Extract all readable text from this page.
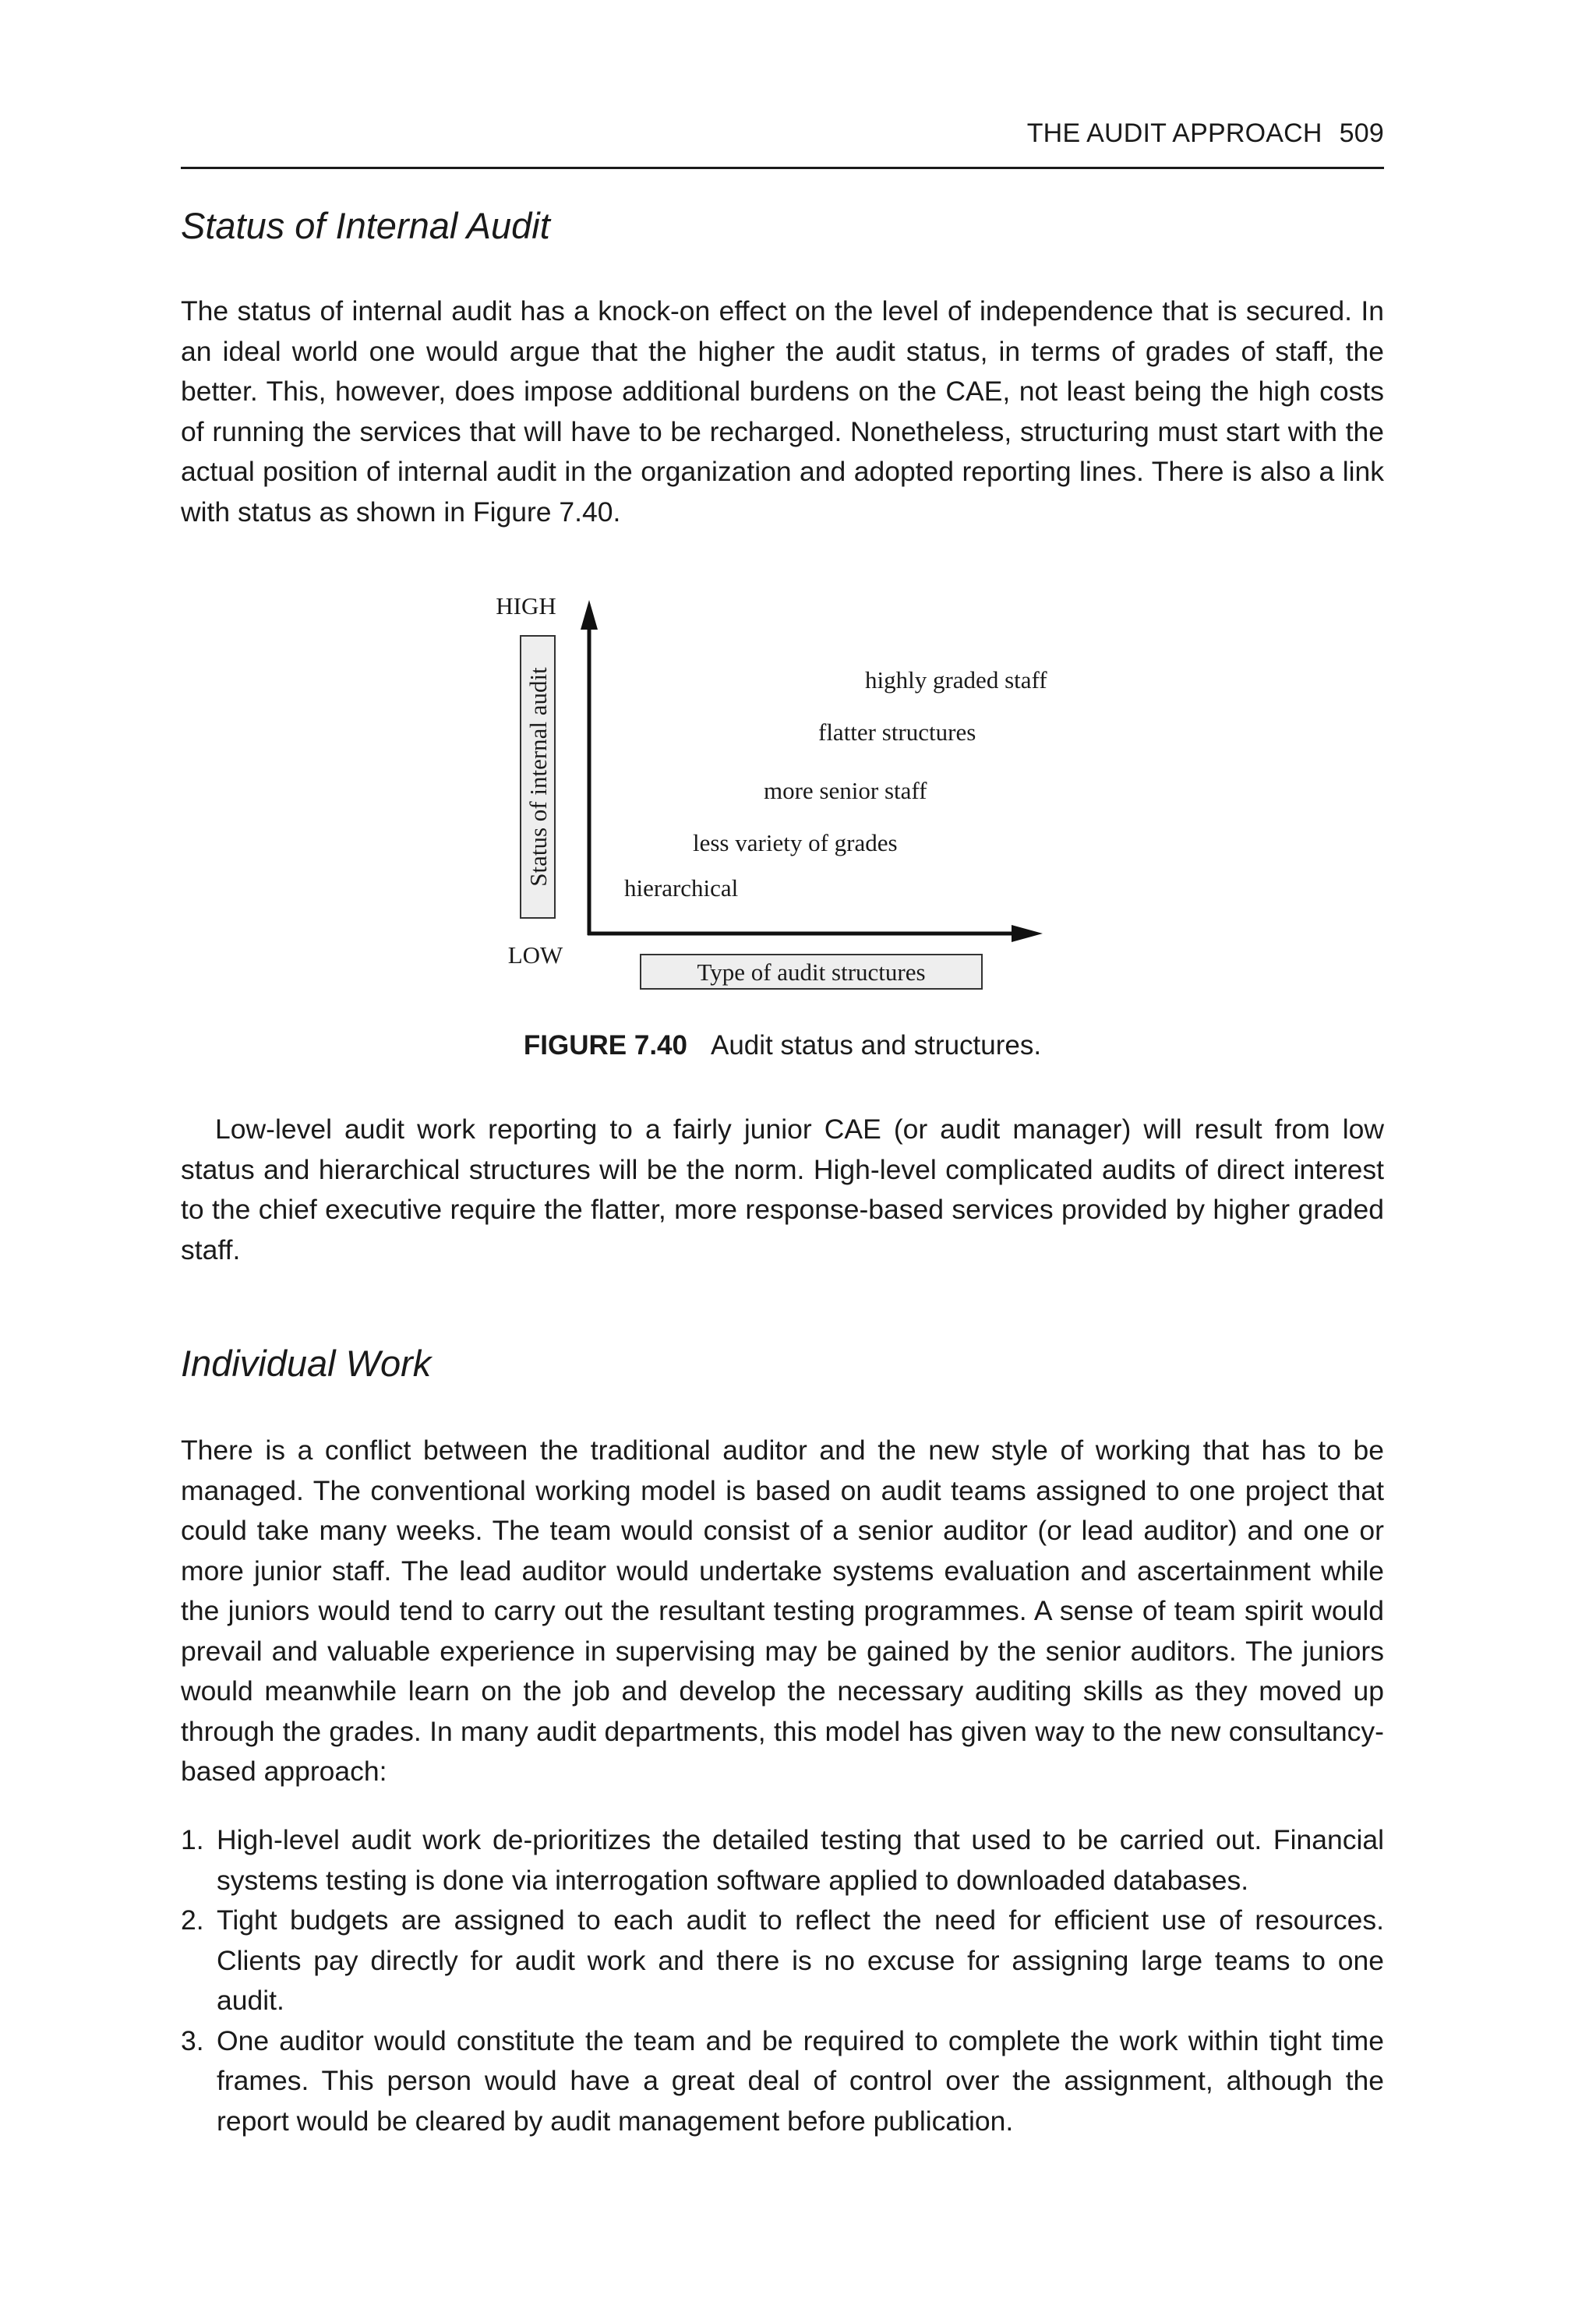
THE AUDIT APPROACH 509
Status of Internal Audit

The status of internal audit has a knock-on effect on the level of independence that is secured. In an ideal world one would argue that the higher the audit status, in terms of grades of staff, the better. This, however, does impose additional burdens on the CAE, not least being the high costs of running the services that will have to be recharged. Nonetheless, structuring must start with the actual position of internal audit in the organization and adopted reporting lines. There is also a link with status as shown in Figure 7.40.

HIGH
Status of internal audit
LOW
Type of audit structures
highly graded staff
flatter structures
more senior staff
less variety of grades
hierarchical
FIGURE 7.40 Audit status and structures.

Low-level audit work reporting to a fairly junior CAE (or audit manager) will result from low status and hierarchical structures will be the norm. High-level complicated audits of direct interest to the chief executive require the flatter, more response-based services provided by higher graded staff.

Individual Work

There is a conflict between the traditional auditor and the new style of working that has to be managed. The conventional working model is based on audit teams assigned to one project that could take many weeks. The team would consist of a senior auditor (or lead auditor) and one or more junior staff. The lead auditor would undertake systems evaluation and ascertainment while the juniors would tend to carry out the resultant testing programmes. A sense of team spirit would prevail and valuable experience in supervising may be gained by the senior auditors. The juniors would meanwhile learn on the job and develop the necessary auditing skills as they moved up through the grades. In many audit departments, this model has given way to the new consultancy-based approach:

1. High-level audit work de-prioritizes the detailed testing that used to be carried out. Financial systems testing is done via interrogation software applied to downloaded databases.
2. Tight budgets are assigned to each audit to reflect the need for efficient use of resources. Clients pay directly for audit work and there is no excuse for assigning large teams to one audit.
3. One auditor would constitute the team and be required to complete the work within tight time frames. This person would have a great deal of control over the assignment, although the report would be cleared by audit management before publication.
